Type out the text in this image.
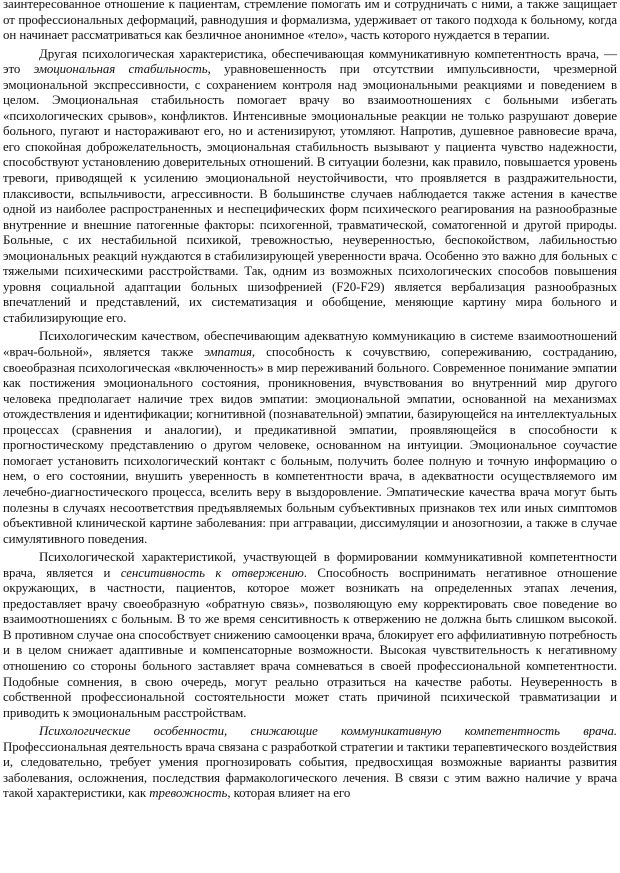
заинтересованное отношение к пациентам, стремление помогать им и сотрудничать с ними, а также защищает от профессиональных деформаций, равнодушия и формализма, удерживает от такого подхода к больному, когда он начинает рассматриваться как безличное анонимное «тело», часть которого нуждается в терапии.

Другая психологическая характеристика, обеспечивающая коммуникативную компетентность врача, — это эмоциональная стабильность, уравновешенность при отсутствии импульсивности, чрезмерной эмоциональной экспрессивности, с сохранением контроля над эмоциональными реакциями и поведением в целом. Эмоциональная стабильность помогает врачу во взаимоотношениях с больными избегать «психологических срывов», конфликтов. Интенсивные эмоциональные реакции не только разрушают доверие больного, пугают и настораживают его, но и астенизируют, утомляют. Напротив, душевное равновесие врача, его спокойная доброжелательность, эмоциональная стабильность вызывают у пациента чувство надежности, способствуют установлению доверительных отношений. В ситуации болезни, как правило, повышается уровень тревоги, приводящей к усилению эмоциональной неустойчивости, что проявляется в раздражительности, плаксивости, вспыльчивости, агрессивности. В большинстве случаев наблюдается также астения в качестве одной из наиболее распространенных и неспецифических форм психического реагирования на разнообразные внутренние и внешние патогенные факторы: психогенной, травматической, соматогенной и другой природы. Больные, с их нестабильной психикой, тревожностью, неуверенностью, беспокойством, лабильностью эмоциональных реакций нуждаются в стабилизирующей уверенности врача. Особенно это важно для больных с тяжелыми психическими расстройствами. Так, одним из возможных психологических способов повышения уровня социальной адаптации больных шизофренией (F20-F29) является вербализация разнообразных впечатлений и представлений, их систематизация и обобщение, меняющие картину мира больного и стабилизирующие его.

Психологическим качеством, обеспечивающим адекватную коммуникацию в системе взаимоотношений «врач-больной», является также эмпатия, способность к сочувствию, сопереживанию, состраданию, своеобразная психологическая «включенность» в мир переживаний больного. Современное понимание эмпатии как постижения эмоционального состояния, проникновения, вчувствования во внутренний мир другого человека предполагает наличие трех видов эмпатии: эмоциональной эмпатии, основанной на механизмах отождествления и идентификации; когнитивной (познавательной) эмпатии, базирующейся на интеллектуальных процессах (сравнения и аналогии), и предикативной эмпатии, проявляющейся в способности к прогностическому представлению о другом человеке, основанном на интуиции. Эмоциональное соучастие помогает установить психологический контакт с больным, получить более полную и точную информацию о нем, о его состоянии, внушить уверенность в компетентности врача, в адекватности осуществляемого им лечебно-диагностического процесса, вселить веру в выздоровление. Эмпатические качества врача могут быть полезны в случаях несоответствия предъявляемых больным субъективных признаков тех или иных симптомов объективной клинической картине заболевания: при аггравации, диссимуляции и анозогнозии, а также в случае симулятивного поведения.

Психологической характеристикой, участвующей в формировании коммуникативной компетентности врача, является и сенситивность к отвержению. Способность воспринимать негативное отношение окружающих, в частности, пациентов, которое может возникать на определенных этапах лечения, предоставляет врачу своеобразную «обратную связь», позволяющую ему корректировать свое поведение во взаимоотношениях с больным. В то же время сенситивность к отвержению не должна быть слишком высокой. В противном случае она способствует снижению самооценки врача, блокирует его аффилиативную потребность и в целом снижает адаптивные и компенсаторные возможности. Высокая чувствительность к негативному отношению со стороны больного заставляет врача сомневаться в своей профессиональной компетентности. Подобные сомнения, в свою очередь, могут реально отразиться на качестве работы. Неуверенность в собственной профессиональной состоятельности может стать причиной психической травматизации и приводить к эмоциональным расстройствам.

Психологические особенности, снижающие коммуникативную компетентность врача. Профессиональная деятельность врача связана с разработкой стратегии и тактики терапевтического воздействия и, следовательно, требует умения прогнозировать события, предвосхищая возможные варианты развития заболевания, осложнения, последствия фармакологического лечения. В связи с этим важно наличие у врача такой характеристики, как тревожность, которая влияет на его
